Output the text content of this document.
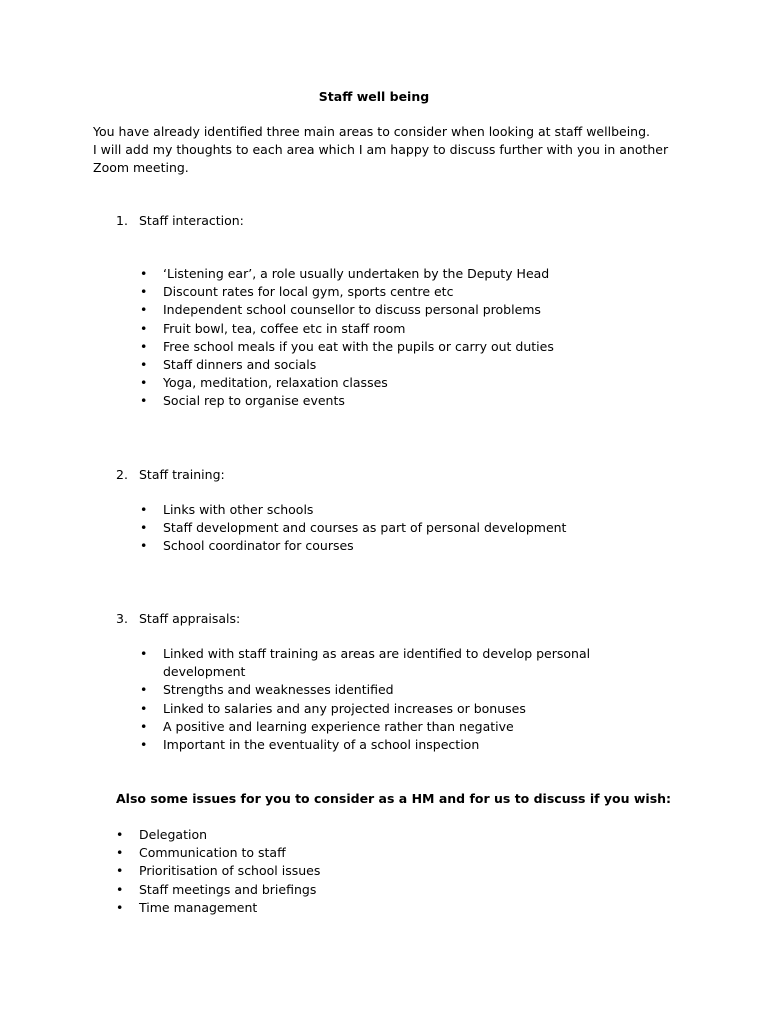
Staff well being

You have already identified three main areas to consider when looking at staff wellbeing.

I will add my thoughts to each area which I am happy to discuss further with you in another

Zoom meeting.

1. Staff interaction:
• ‘Listening ear’, a role usually undertaken by the Deputy Head
• Discount rates for local gym, sports centre etc
• Independent school counsellor to discuss personal problems
• Fruit bowl, tea, coffee etc in staff room
• Free school meals if you eat with the pupils or carry out duties
• Staff dinners and socials
• Yoga, meditation, relaxation classes
• Social rep to organise events
2. Staff training:
• Links with other schools
• Staff development and courses as part of personal development
• School coordinator for courses
3. Staff appraisals:
• Linked with staff training as areas are identified to develop personal development
• Strengths and weaknesses identified
• Linked to salaries and any projected increases or bonuses
• A positive and learning experience rather than negative
• Important in the eventuality of a school inspection
Also some issues for you to consider as a HM and for us to discuss if you wish:
• Delegation
• Communication to staff
• Prioritisation of school issues
• Staff meetings and briefings
• Time management
